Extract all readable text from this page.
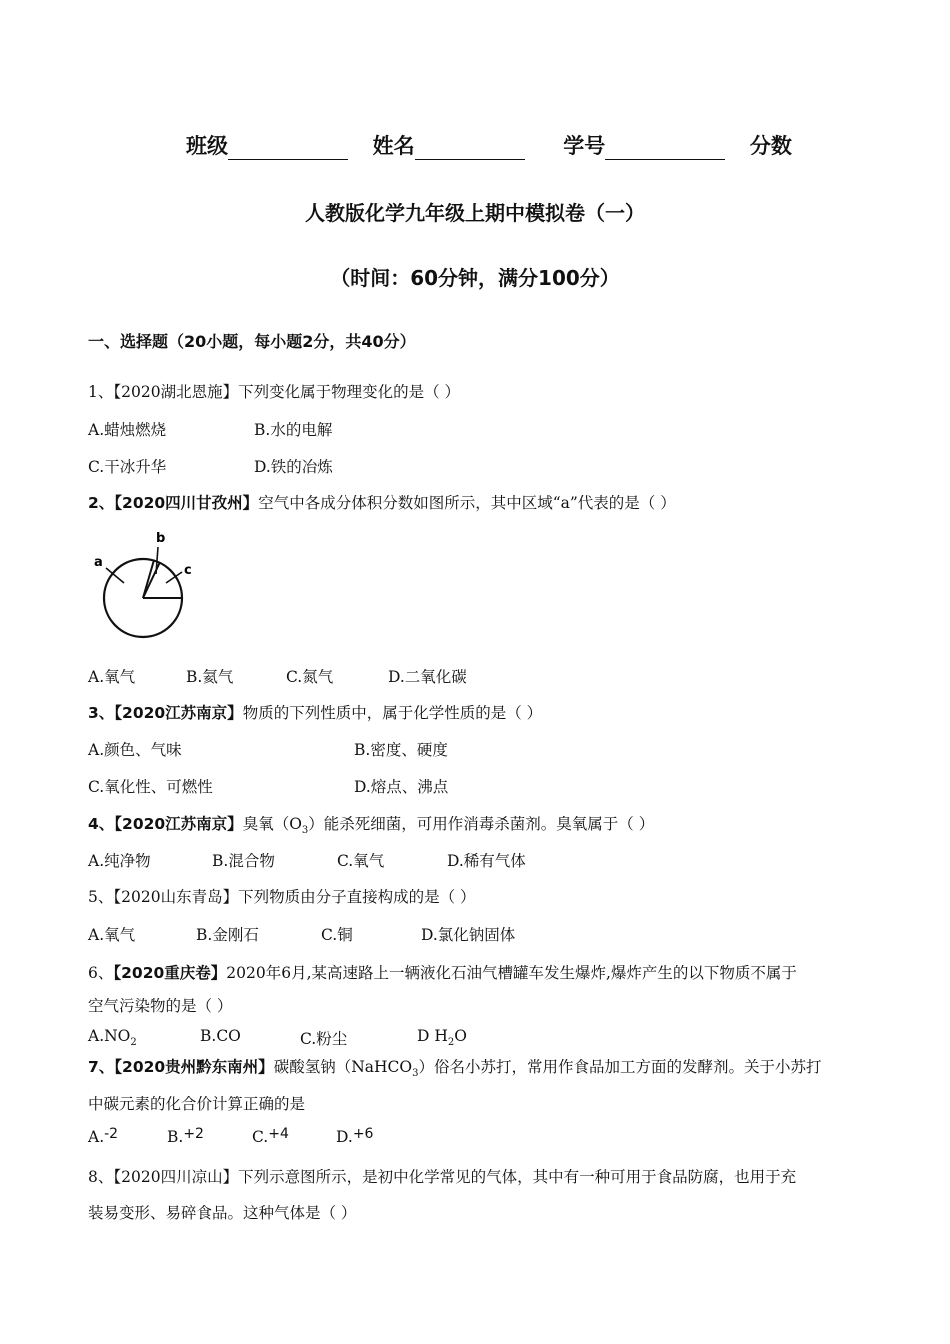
班级	姓名	学号	分数
人教版化学九年级上期中模拟卷（一）
（时间：60分钟，满分100分）
一、选择题（20小题，每小题2分，共40分）
1、【2020湖北恩施】下列变化属于物理变化的是（ ）
A.蜡烛燃烧	B.水的电解
C.干冰升华	D.铁的冶炼
2、【2020四川甘孜州】空气中各成分体积分数如图所示，其中区域“a”代表的是（ ）
a
b
c
A.氧气	B.氦气	C.氮气	D.二氧化碳
3、【2020江苏南京】物质的下列性质中，属于化学性质的是（ ）
A.颜色、气味	B.密度、硬度
C.氧化性、可燃性	D.熔点、沸点
4、【2020江苏南京】臭氧$(O_3)$能杀死细菌，可用作消毒杀菌剂。臭氧属于（ ）
A.纯净物	B.混合物	C.氧气	D.稀有气体
5、【2020山东青岛】下列物质由分子直接构成的是（ ）
A.氧气	B.金刚石	C.铜	D.氯化钠固体
6、【2020重庆卷】2020年6月,某高速路上一辆液化石油气槽罐车发生爆炸,爆炸产生的以下物质不属于
空气污染物的是（ ）
$A.NO_2$	B.CO	C.粉尘	D $H_2O$
7、【2020贵州黔东南州】碳酸氢钠（NaHCO$_3$）俗名小苏打，常用作食品加工方面的发酵剂。关于小苏打
中碳元素的化合价计算正确的是
A.-2	B.+2	C.+4	D.+6
8、【2020四川凉山】下列示意图所示，是初中化学常见的气体，其中有一种可用于食品防腐，也用于充
装易变形、易碎食品。这种气体是（ ）
